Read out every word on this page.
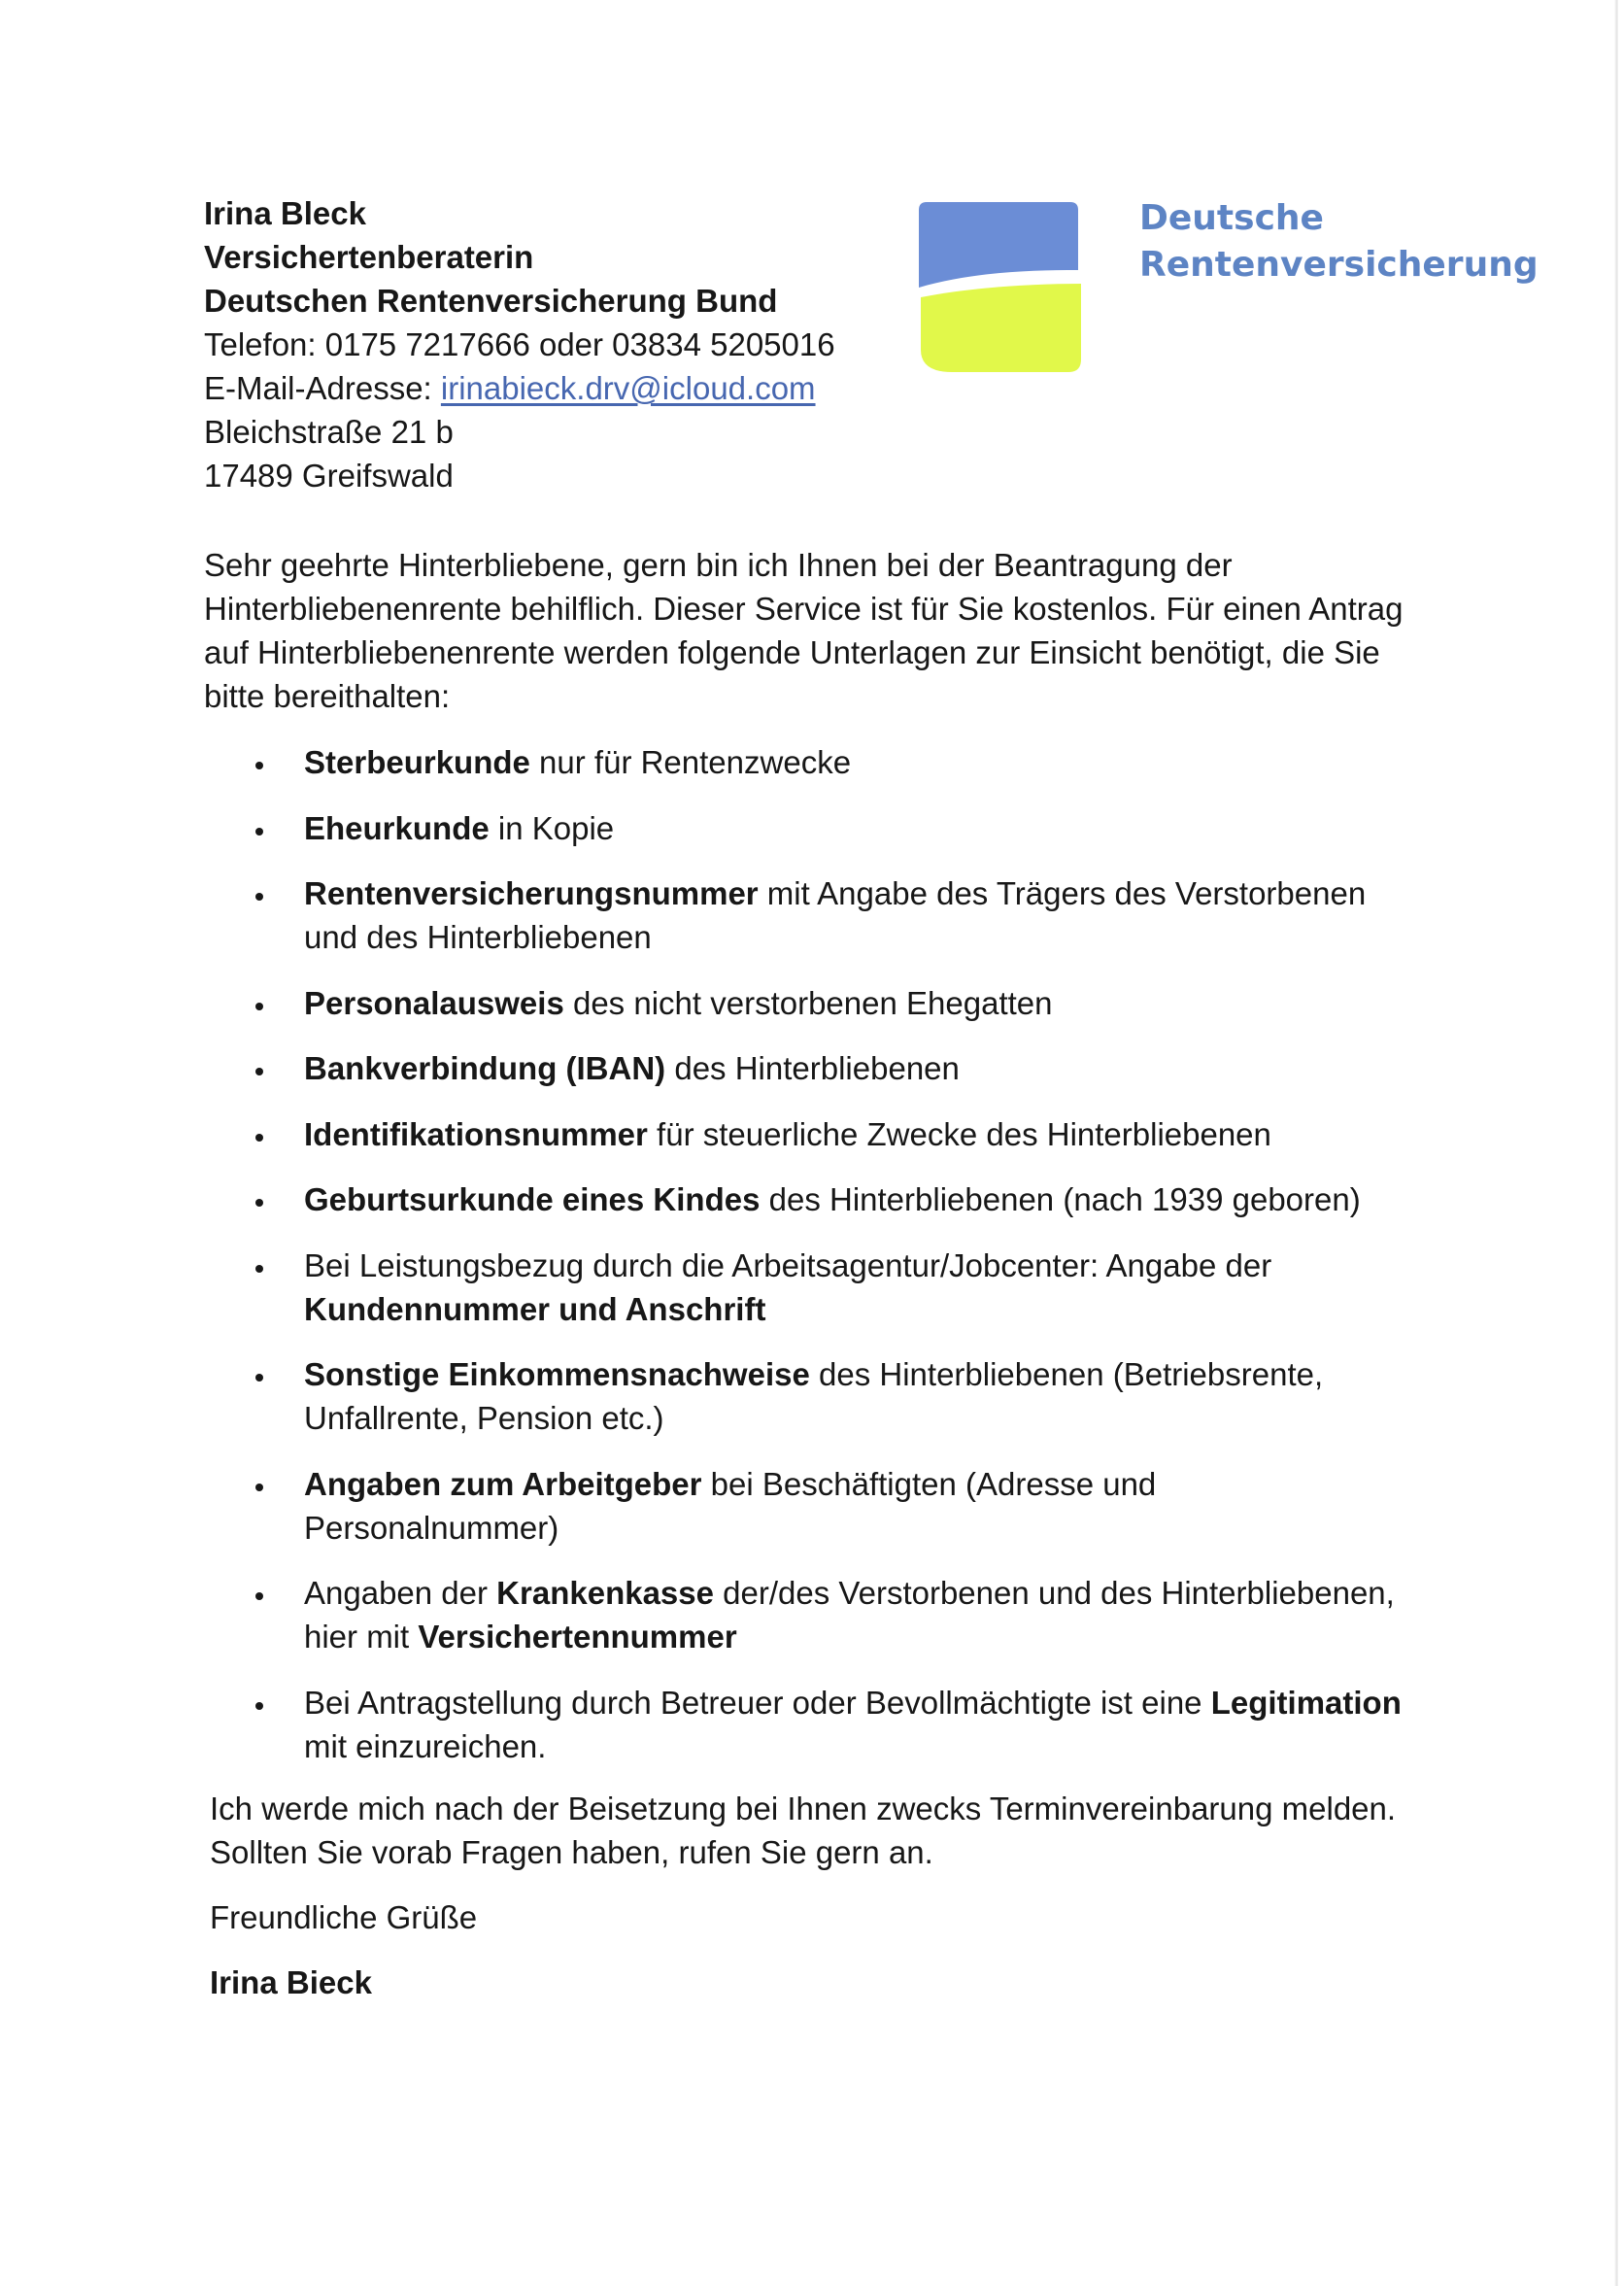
Irina Bleck
Versichertenberaterin
Deutschen Rentenversicherung Bund
Telefon: 0175 7217666 oder 03834 5205016
E-Mail-Adresse: irinabieck.drv@icloud.com
Bleichstraße 21 b
17489 Greifswald
Deutsche
Rentenversicherung
Sehr geehrte Hinterbliebene, gern bin ich Ihnen bei der Beantragung der
Hinterbliebenenrente behilflich. Dieser Service ist für Sie kostenlos. Für einen Antrag
auf Hinterbliebenenrente werden folgende Unterlagen zur Einsicht benötigt, die Sie
bitte bereithalten:
Sterbeurkunde nur für Rentenzwecke
Eheurkunde in Kopie
Rentenversicherungsnummer mit Angabe des Trägers des Verstorbenen
und des Hinterbliebenen
Personalausweis des nicht verstorbenen Ehegatten
Bankverbindung (IBAN) des Hinterbliebenen
Identifikationsnummer für steuerliche Zwecke des Hinterbliebenen
Geburtsurkunde eines Kindes des Hinterbliebenen (nach 1939 geboren)
Bei Leistungsbezug durch die Arbeitsagentur/Jobcenter: Angabe der
Kundennummer und Anschrift
Sonstige Einkommensnachweise des Hinterbliebenen (Betriebsrente,
Unfallrente, Pension etc.)
Angaben zum Arbeitgeber bei Beschäftigten (Adresse und
Personalnummer)
Angaben der Krankenkasse der/des Verstorbenen und des Hinterbliebenen,
hier mit Versichertennummer
Bei Antragstellung durch Betreuer oder Bevollmächtigte ist eine Legitimation
mit einzureichen.
Ich werde mich nach der Beisetzung bei Ihnen zwecks Terminvereinbarung melden.
Sollten Sie vorab Fragen haben, rufen Sie gern an.
Freundliche Grüße
Irina Bieck
